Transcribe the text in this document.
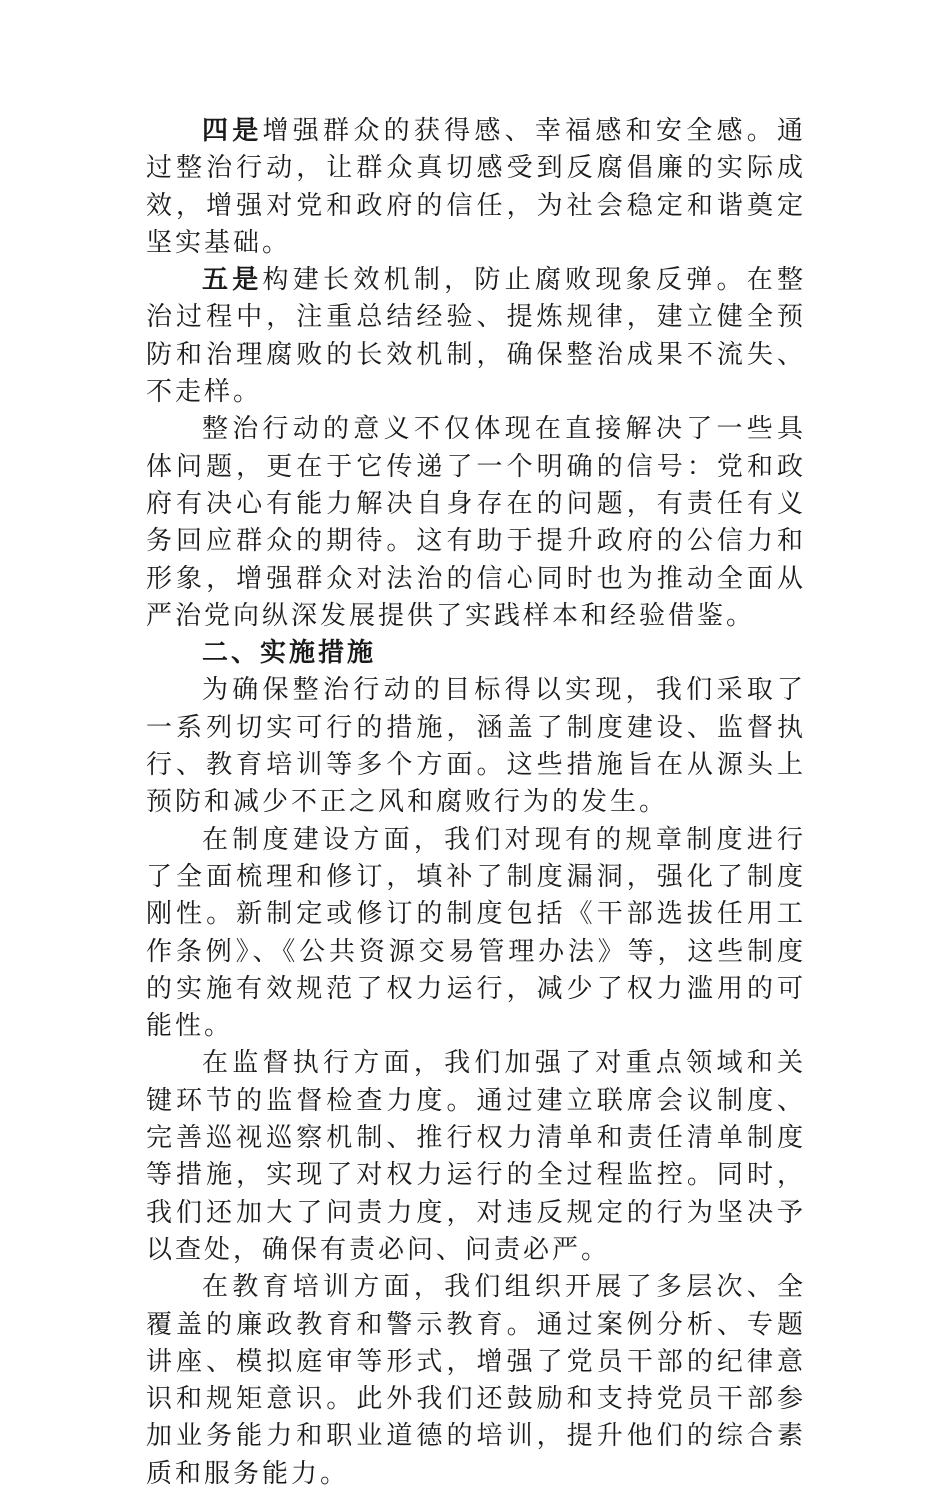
四是增强群众的获得感、幸福感和安全感。通过整治行动，让群众真切感受到反腐倡廉的实际成效，增强对党和政府的信任，为社会稳定和谐奠定坚实基础。

五是构建长效机制，防止腐败现象反弹。在整治过程中，注重总结经验、提炼规律，建立健全预防和治理腐败的长效机制，确保整治成果不流失、不走样。

整治行动的意义不仅体现在直接解决了一些具体问题，更在于它传递了一个明确的信号：党和政府有决心有能力解决自身存在的问题，有责任有义务回应群众的期待。这有助于提升政府的公信力和形象，增强群众对法治的信心同时也为推动全面从严治党向纵深发展提供了实践样本和经验借鉴。

二、实施措施

为确保整治行动的目标得以实现，我们采取了一系列切实可行的措施，涵盖了制度建设、监督执行、教育培训等多个方面。这些措施旨在从源头上预防和减少不正之风和腐败行为的发生。

在制度建设方面，我们对现有的规章制度进行了全面梳理和修订，填补了制度漏洞，强化了制度刚性。新制定或修订的制度包括《干部选拔任用工作条例》、《公共资源交易管理办法》等，这些制度的实施有效规范了权力运行，减少了权力滥用的可能性。

在监督执行方面，我们加强了对重点领域和关键环节的监督检查力度。通过建立联席会议制度、完善巡视巡察机制、推行权力清单和责任清单制度等措施，实现了对权力运行的全过程监控。同时，我们还加大了问责力度，对违反规定的行为坚决予以查处，确保有责必问、问责必严。

在教育培训方面，我们组织开展了多层次、全覆盖的廉政教育和警示教育。通过案例分析、专题讲座、模拟庭审等形式，增强了党员干部的纪律意识和规矩意识。此外我们还鼓励和支持党员干部参加业务能力和职业道德的培训，提升他们的综合素质和服务能力。
